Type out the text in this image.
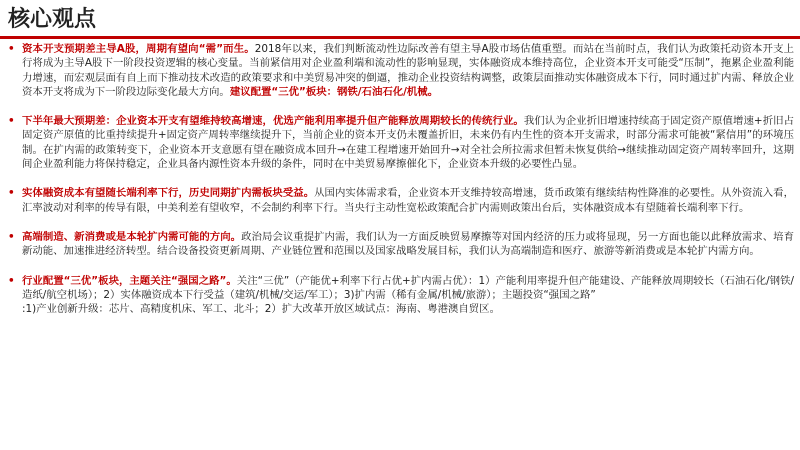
核心观点
• 资本开支预期差主导A股，周期有望向“需”而生。2018年以来，我们判断流动性边际改善有望主导A股市场估值重塑。而站在当前时点，我们认为政策托动资本开支上行将成为主导A股下一阶段投资逻辑的核心变量。当前紧信用对企业盈利端和流动性的影响显现，实体融资成本维持高位，企业资本开支可能受“压制”，拖累企业盈利能力增速，而宏观层面有自上而下推动技术改造的政策要求和中美贸易冲突的倒逼，推动企业投资结构调整，政策层面推动实体融资成本下行，同时通过扩内需、释放企业资本开支将成为下一阶段边际变化最大方向。建议配置“三优”板块：钢铁/石油石化/机械。
• 下半年最大预期差：企业资本开支有望维持较高增速，优选产能利用率提升但产能释放周期较长的传统行业。我们认为企业折旧增速持续高于固定资产原值增速+折旧占固定资产原值的比重持续提升+固定资产周转率继续提升下，当前企业的资本开支仍未覆盖折旧，未来仍有内生性的资本开支需求，时部分需求可能被“紧信用”的环境压制。在扩内需的政策转变下，企业资本开支意愿有望在融资成本回升→在建工程增速开始回升→对全社会所拉需求但暂未恢复供给→继续推动固定资产周转率回升，这期间企业盈利能力将保持稳定，企业具备内源性资本升级的条件，同时在中美贸易摩擦催化下，企业资本升级的必要性凸显。
• 实体融资成本有望随长端利率下行，历史同期扩内需板块受益。从国内实体需求看，企业资本开支维持较高增速，货币政策有继续结构性降准的必要性。从外资流入看，汇率波动对利率的传导有限，中美利差有望收窄，不会制约利率下行。当央行主动性宽松政策配合扩内需则政策出台后，实体融资成本有望随着长端利率下行。
• 高端制造、新消费或是本轮扩内需可能的方向。政治局会议重提扩内需，我们认为一方面反映贸易摩擦等对国内经济的压力或将显现，另一方面也能以此释放需求、培育新动能、加速推进经济转型。结合设备投资更新周期、产业链位置和范围以及国家战略发展目标，我们认为高端制造和医疗、旅游等新消费或是本轮扩内需方向。
• 行业配置“三优”板块，主题关注“强国之路”。关注“三优”（产能优+利率下行占优+扩内需占优）：1）产能利用率提升但产能建设、产能释放周期较长（石油石化/钢铁/造纸/航空机场）；2）实体融资成本下行受益（建筑/机械/交运/军工）；3)扩内需（稀有金属/机械/旅游）；主题投资“强国之路”
:1)产业创新升级：芯片、高精度机床、军工、北斗；2）扩大改革开放区域试点：海南、粤港澳自贸区。
